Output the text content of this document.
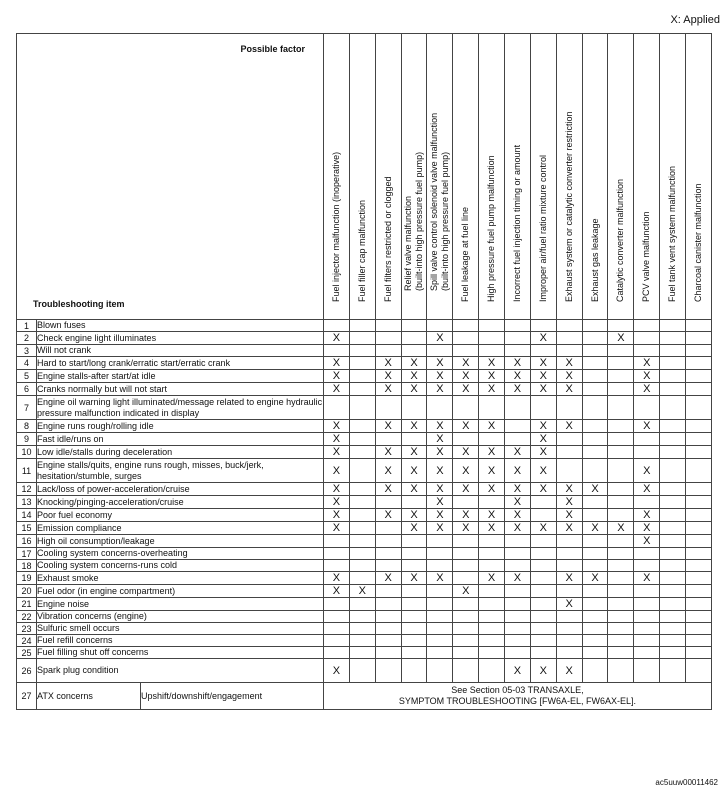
X: Applied
Possible factor
Troubleshooting item			Fuel injector malfunction (inoperative)	Fuel filler cap malfunction	Fuel filters restricted or clogged	Relief valve malfunction
(built-into high pressure fuel pump)	Spill valve control solenoid valve malfunction
(built-into high pressure fuel pump)	Fuel leakage at fuel line	High pressure fuel pump malfunction	Incorrect fuel injection timing or amount	Improper air/fuel ratio mixture control	Exhaust system or catalytic converter restriction	Exhaust gas leakage	Catalytic converter malfunction	PCV valve malfunction	Fuel tank vent system malfunction	Charcoal canister malfunction

1	Blown fuses																
2	Check engine light illuminates		X				X				X			X			
3	Will not crank																
4	Hard to start/long crank/erratic start/erratic crank		X		X	X	X	X	X	X	X	X			X		
5	Engine stalls-after start/at idle		X		X	X	X	X	X	X	X	X			X		
6	Cranks normally but will not start		X		X	X	X	X	X	X	X	X			X		
7	Engine oil warning light illuminated/message related to engine hydraulic pressure malfunction indicated in display																
8	Engine runs rough/rolling idle		X		X	X	X	X	X		X	X			X		
9	Fast idle/runs on		X				X				X						
10	Low idle/stalls during deceleration		X		X	X	X	X	X	X	X						
11	Engine stalls/quits, engine runs rough, misses, buck/jerk, hesitation/stumble, surges		X		X	X	X	X	X	X	X				X		
12	Lack/loss of power-acceleration/cruise		X		X	X	X	X	X	X	X	X	X		X		
13	Knocking/pinging-acceleration/cruise		X				X			X		X					
14	Poor fuel economy		X		X	X	X	X	X	X		X			X		
15	Emission compliance		X			X	X	X	X	X	X	X	X	X	X		
16	High oil consumption/leakage														X		
17	Cooling system concerns-overheating																
18	Cooling system concerns-runs cold																
19	Exhaust smoke		X		X	X	X		X	X		X	X		X		
20	Fuel odor (in engine compartment)		X	X				X									
21	Engine noise											X					
22	Vibration concerns (engine)																
23	Sulfuric smell occurs																
24	Fuel refill concerns																
25	Fuel filling shut off concerns																
26	Spark plug condition		X							X	X	X					
27	ATX concerns	Upshift/downshift/engagement	See Section 05-03 TRANSAXLE,
SYMPTOM TROUBLESHOOTING [FW6A-EL, FW6AX-EL].														
ac5uuw00011462
